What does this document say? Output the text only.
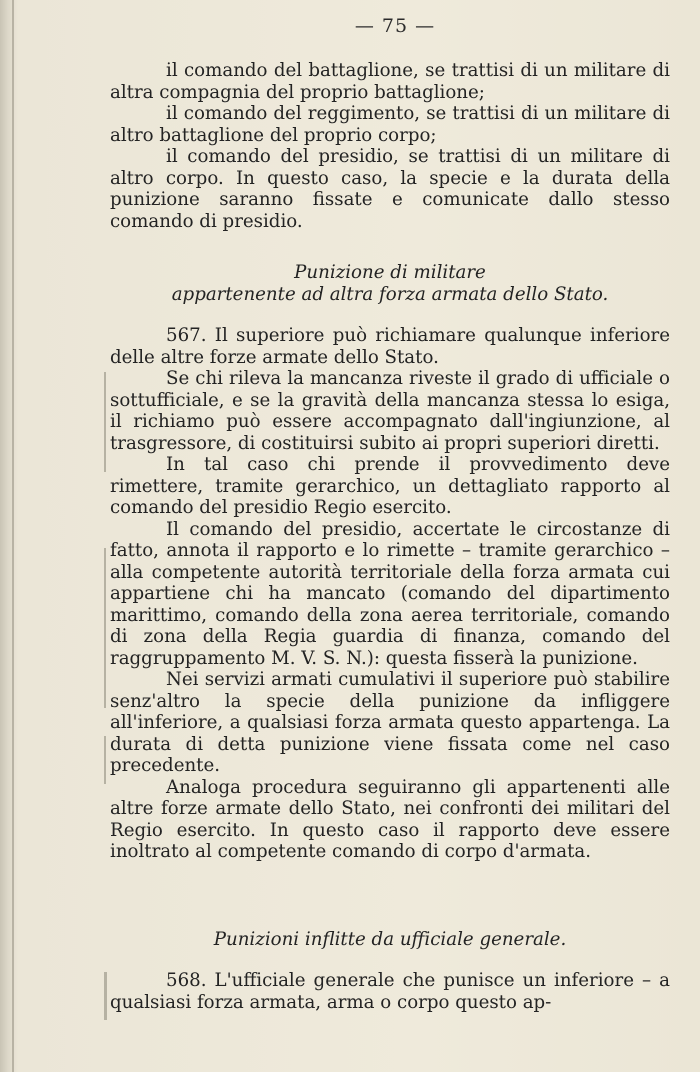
— 75 —

il comando del battaglione, se trattisi di un militare di altra compagnia del proprio battaglione;

il comando del reggimento, se trattisi di un militare di altro battaglione del proprio corpo;

il comando del presidio, se trattisi di un militare di altro corpo. In questo caso, la specie e la durata della punizione saranno fissate e comunicate dallo stesso comando di presidio.

Punizione di militare
appartenente ad altra forza armata dello Stato.

567. Il superiore può richiamare qualunque inferiore delle altre forze armate dello Stato.

Se chi rileva la mancanza riveste il grado di ufficiale o sottufficiale, e se la gravità della mancanza stessa lo esiga, il richiamo può essere accompagnato dall'ingiunzione, al trasgressore, di costituirsi subito ai propri superiori diretti.

In tal caso chi prende il provvedimento deve rimettere, tramite gerarchico, un dettagliato rapporto al comando del presidio Regio esercito.

Il comando del presidio, accertate le circostanze di fatto, annota il rapporto e lo rimette – tramite gerarchico – alla competente autorità territoriale della forza armata cui appartiene chi ha mancato (comando del dipartimento marittimo, comando della zona aerea territoriale, comando di zona della Regia guardia di finanza, comando del raggruppamento M. V. S. N.): questa fisserà la punizione.

Nei servizi armati cumulativi il superiore può stabilire senz'altro la specie della punizione da infliggere all'inferiore, a qualsiasi forza armata questo appartenga. La durata di detta punizione viene fissata come nel caso precedente.

Analoga procedura seguiranno gli appartenenti alle altre forze armate dello Stato, nei confronti dei militari del Regio esercito. In questo caso il rapporto deve essere inoltrato al competente comando di corpo d'armata.

Punizioni inflitte da ufficiale generale.

568. L'ufficiale generale che punisce un inferiore – a qualsiasi forza armata, arma o corpo questo ap-
